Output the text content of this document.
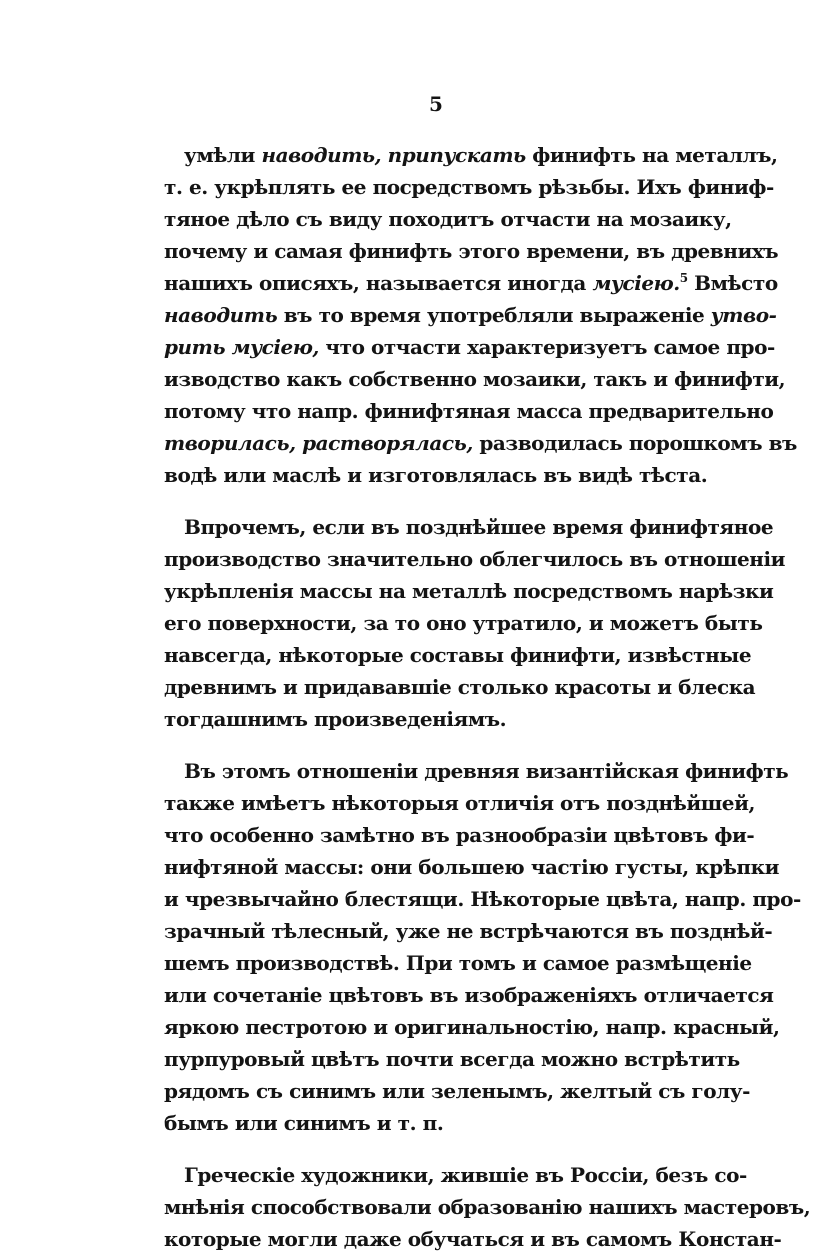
5
умѣли наводить, припускать финифть на металлъ,
т. е. укрѣплять ее посредствомъ рѣзьбы. Ихъ финиф-
тяное дѣло съ виду походитъ отчасти на мозаику,
почему и самая финифть этого времени, въ древнихъ
нашихъ описяхъ, называется иногда мусiею.$^5$ Вмѣсто
наводить въ то время употребляли выраженiе утво-
рить мусiею, что отчасти характеризуетъ самое про-
изводство какъ собственно мозаики, такъ и финифти,
потому что напр. финифтяная масса предварительно
творилась, растворялась, разводилась порошкомъ въ
водѣ или маслѣ и изготовлялась въ видѣ тѣста.
Впрочемъ, если въ позднѣйшее время финифтяное
производство значительно облегчилось въ отношенiи
укрѣпленiя массы на металлѣ посредствомъ нарѣзки
его поверхности, за то оно утратило, и можетъ быть
навсегда, нѣкоторые составы финифти, извѣстные
древнимъ и придававшiе столько красоты и блеска
тогдашнимъ произведенiямъ.
Въ этомъ отношенiи древняя византiйская финифть
также имѣетъ нѣкоторыя отличiя отъ позднѣйшей,
что особенно замѣтно въ разнообразiи цвѣтовъ фи-
нифтяной массы: они большею частiю густы, крѣпки
и чрезвычайно блестящи. Нѣкоторые цвѣта, напр. про-
зрачный тѣлесный, уже не встрѣчаются въ позднѣй-
шемъ производствѣ. При томъ и самое размѣщенiе
или сочетанiе цвѣтовъ въ изображенiяхъ отличается
яркою пестротою и оригинальностiю, напр. красный,
пурпуровый цвѣтъ почти всегда можно встрѣтить
рядомъ съ синимъ или зеленымъ, желтый съ голу-
бымъ или синимъ и т. п.
Греческiе художники, жившiе въ Россiи, безъ со-
мнѣнiя способствовали образованiю нашихъ мастеровъ,
которые могли даже обучаться и въ самомъ Констан-
